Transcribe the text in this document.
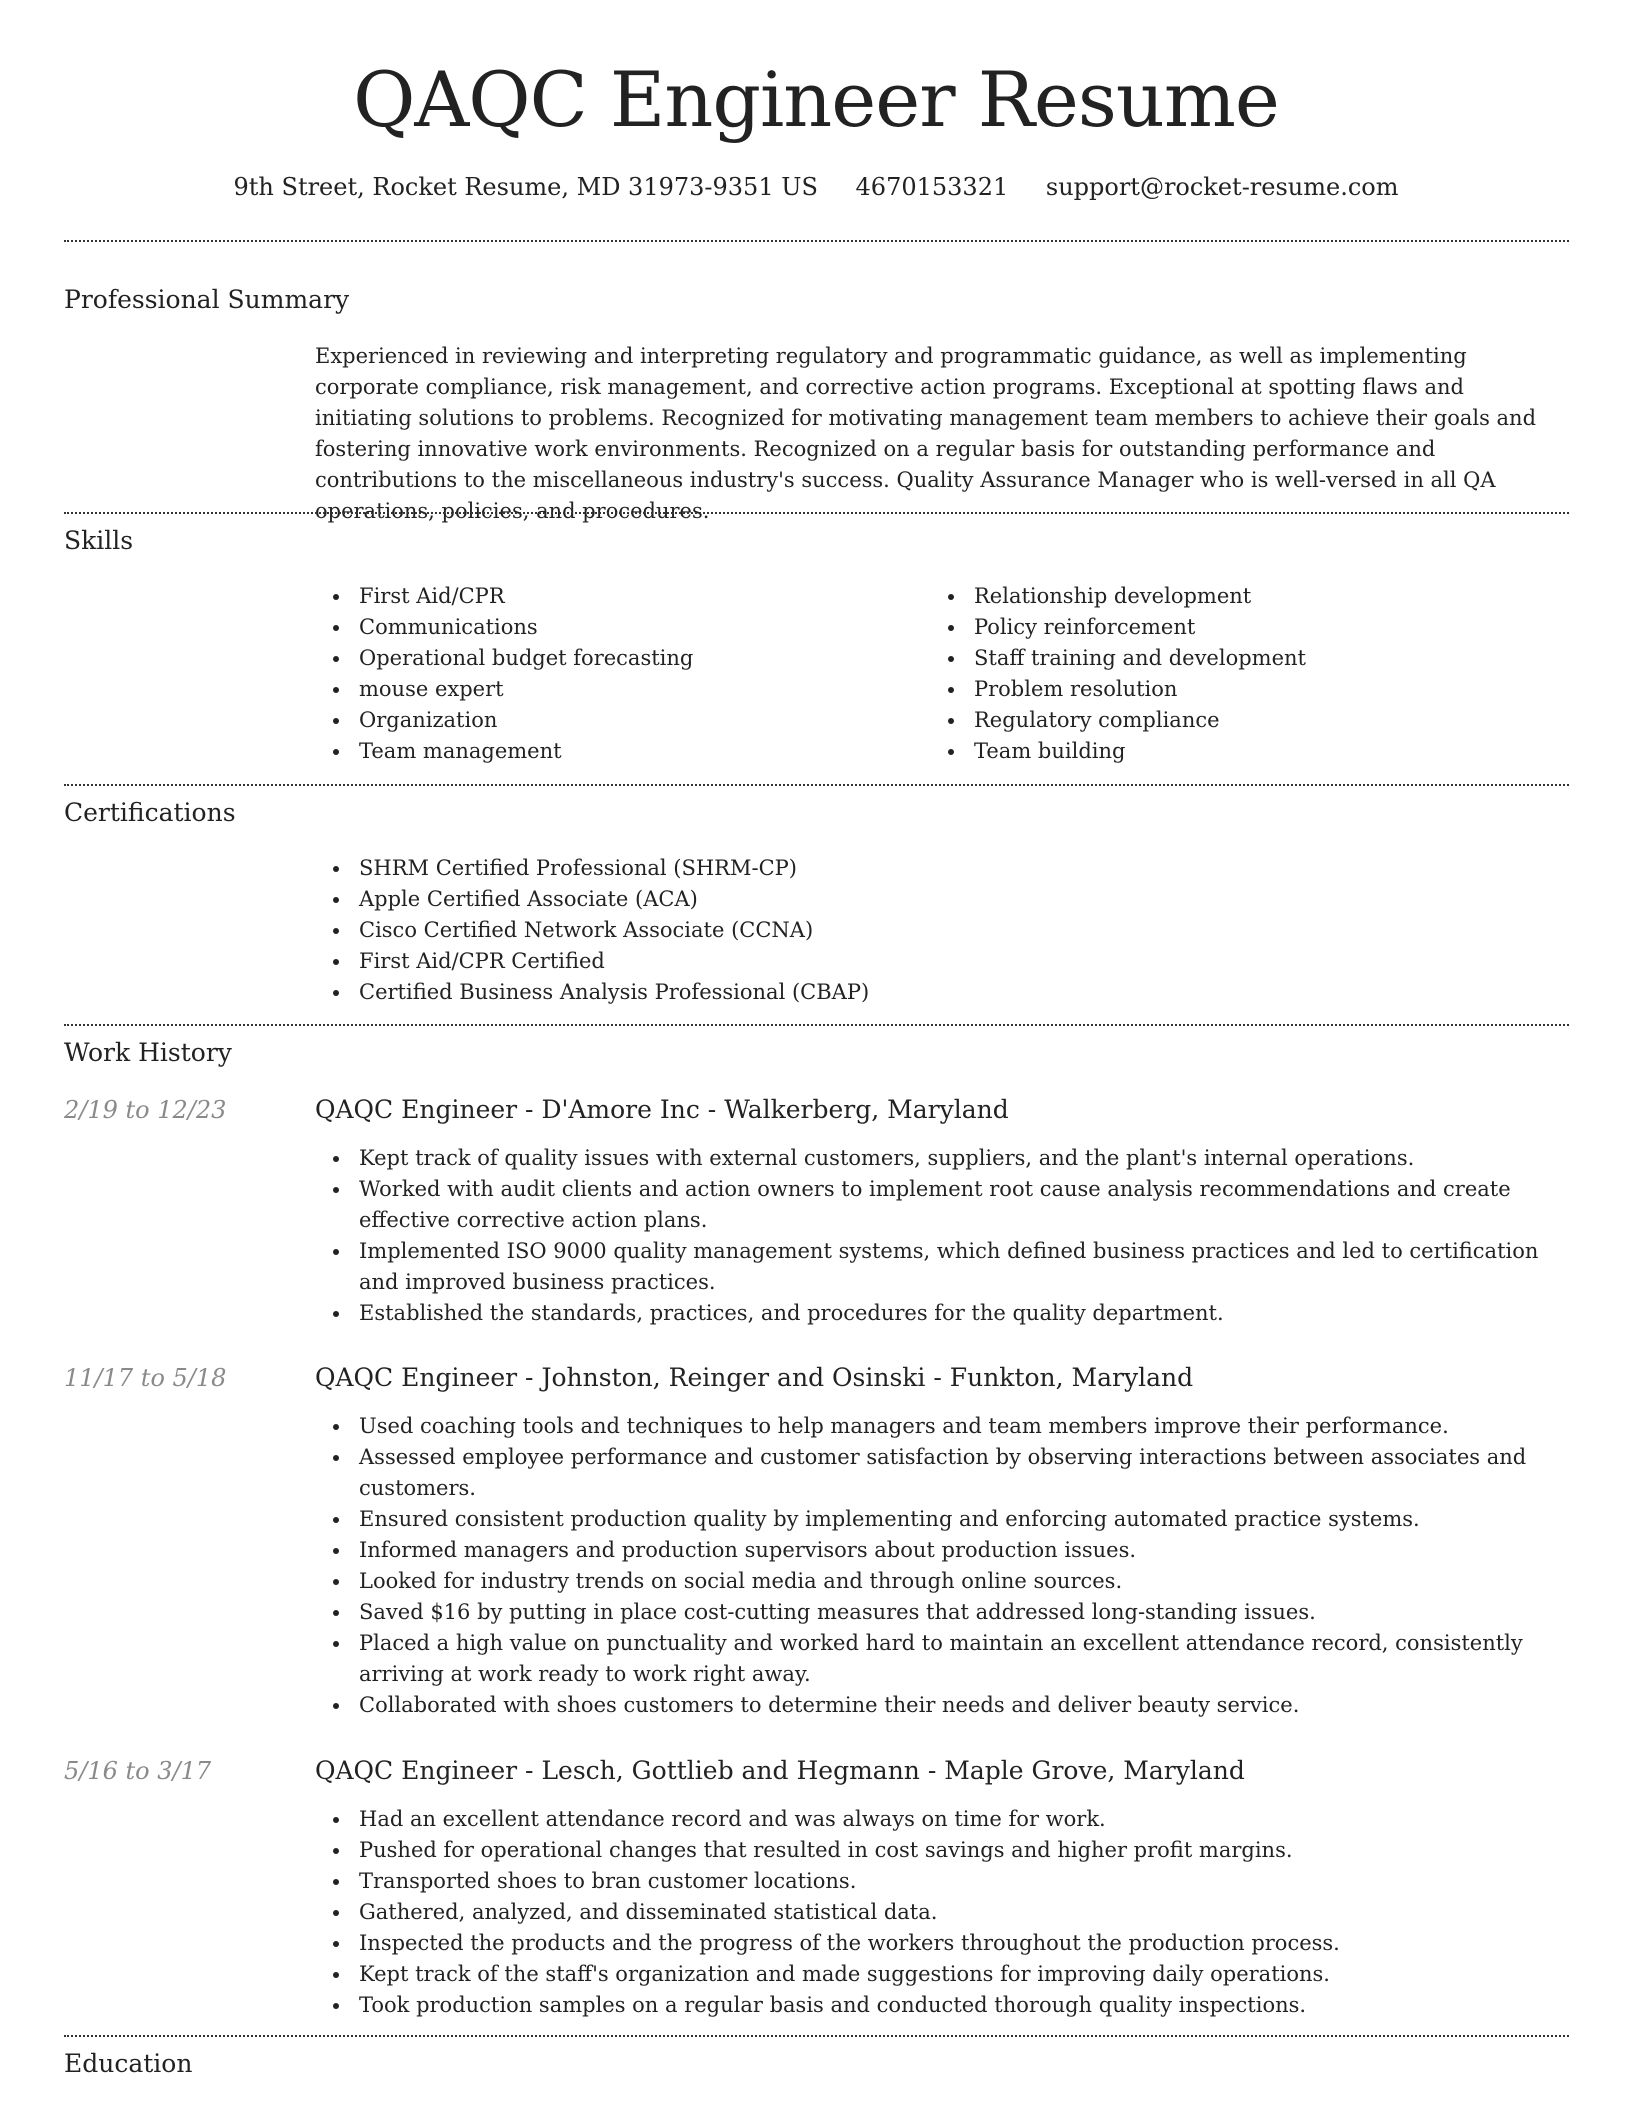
QAQC Engineer Resume
9th Street, Rocket Resume, MD 31973-9351 US 4670153321 support@rocket-resume.com
Professional Summary
Experienced in reviewing and interpreting regulatory and programmatic guidance, as well as implementing corporate compliance, risk management, and corrective action programs. Exceptional at spotting flaws and initiating solutions to problems. Recognized for motivating management team members to achieve their goals and fostering innovative work environments. Recognized on a regular basis for outstanding performance and contributions to the miscellaneous industry's success. Quality Assurance Manager who is well-versed in all QA operations, policies, and procedures.
Skills
First Aid/CPR
Communications
Operational budget forecasting
mouse expert
Organization
Team management
Relationship development
Policy reinforcement
Staff training and development
Problem resolution
Regulatory compliance
Team building
Certifications
SHRM Certified Professional (SHRM-CP)
Apple Certified Associate (ACA)
Cisco Certified Network Associate (CCNA)
First Aid/CPR Certified
Certified Business Analysis Professional (CBAP)
Work History
2/19 to 12/23	QAQC Engineer - D'Amore Inc - Walkerberg, Maryland
Kept track of quality issues with external customers, suppliers, and the plant's internal operations.
Worked with audit clients and action owners to implement root cause analysis recommendations and create effective corrective action plans.
Implemented ISO 9000 quality management systems, which defined business practices and led to certification and improved business practices.
Established the standards, practices, and procedures for the quality department.
11/17 to 5/18	QAQC Engineer - Johnston, Reinger and Osinski - Funkton, Maryland
Used coaching tools and techniques to help managers and team members improve their performance.
Assessed employee performance and customer satisfaction by observing interactions between associates and customers.
Ensured consistent production quality by implementing and enforcing automated practice systems.
Informed managers and production supervisors about production issues.
Looked for industry trends on social media and through online sources.
Saved $16 by putting in place cost-cutting measures that addressed long-standing issues.
Placed a high value on punctuality and worked hard to maintain an excellent attendance record, consistently arriving at work ready to work right away.
Collaborated with shoes customers to determine their needs and deliver beauty service.
5/16 to 3/17	QAQC Engineer - Lesch, Gottlieb and Hegmann - Maple Grove, Maryland
Had an excellent attendance record and was always on time for work.
Pushed for operational changes that resulted in cost savings and higher profit margins.
Transported shoes to bran customer locations.
Gathered, analyzed, and disseminated statistical data.
Inspected the products and the progress of the workers throughout the production process.
Kept track of the staff's organization and made suggestions for improving daily operations.
Took production samples on a regular basis and conducted thorough quality inspections.
Education
